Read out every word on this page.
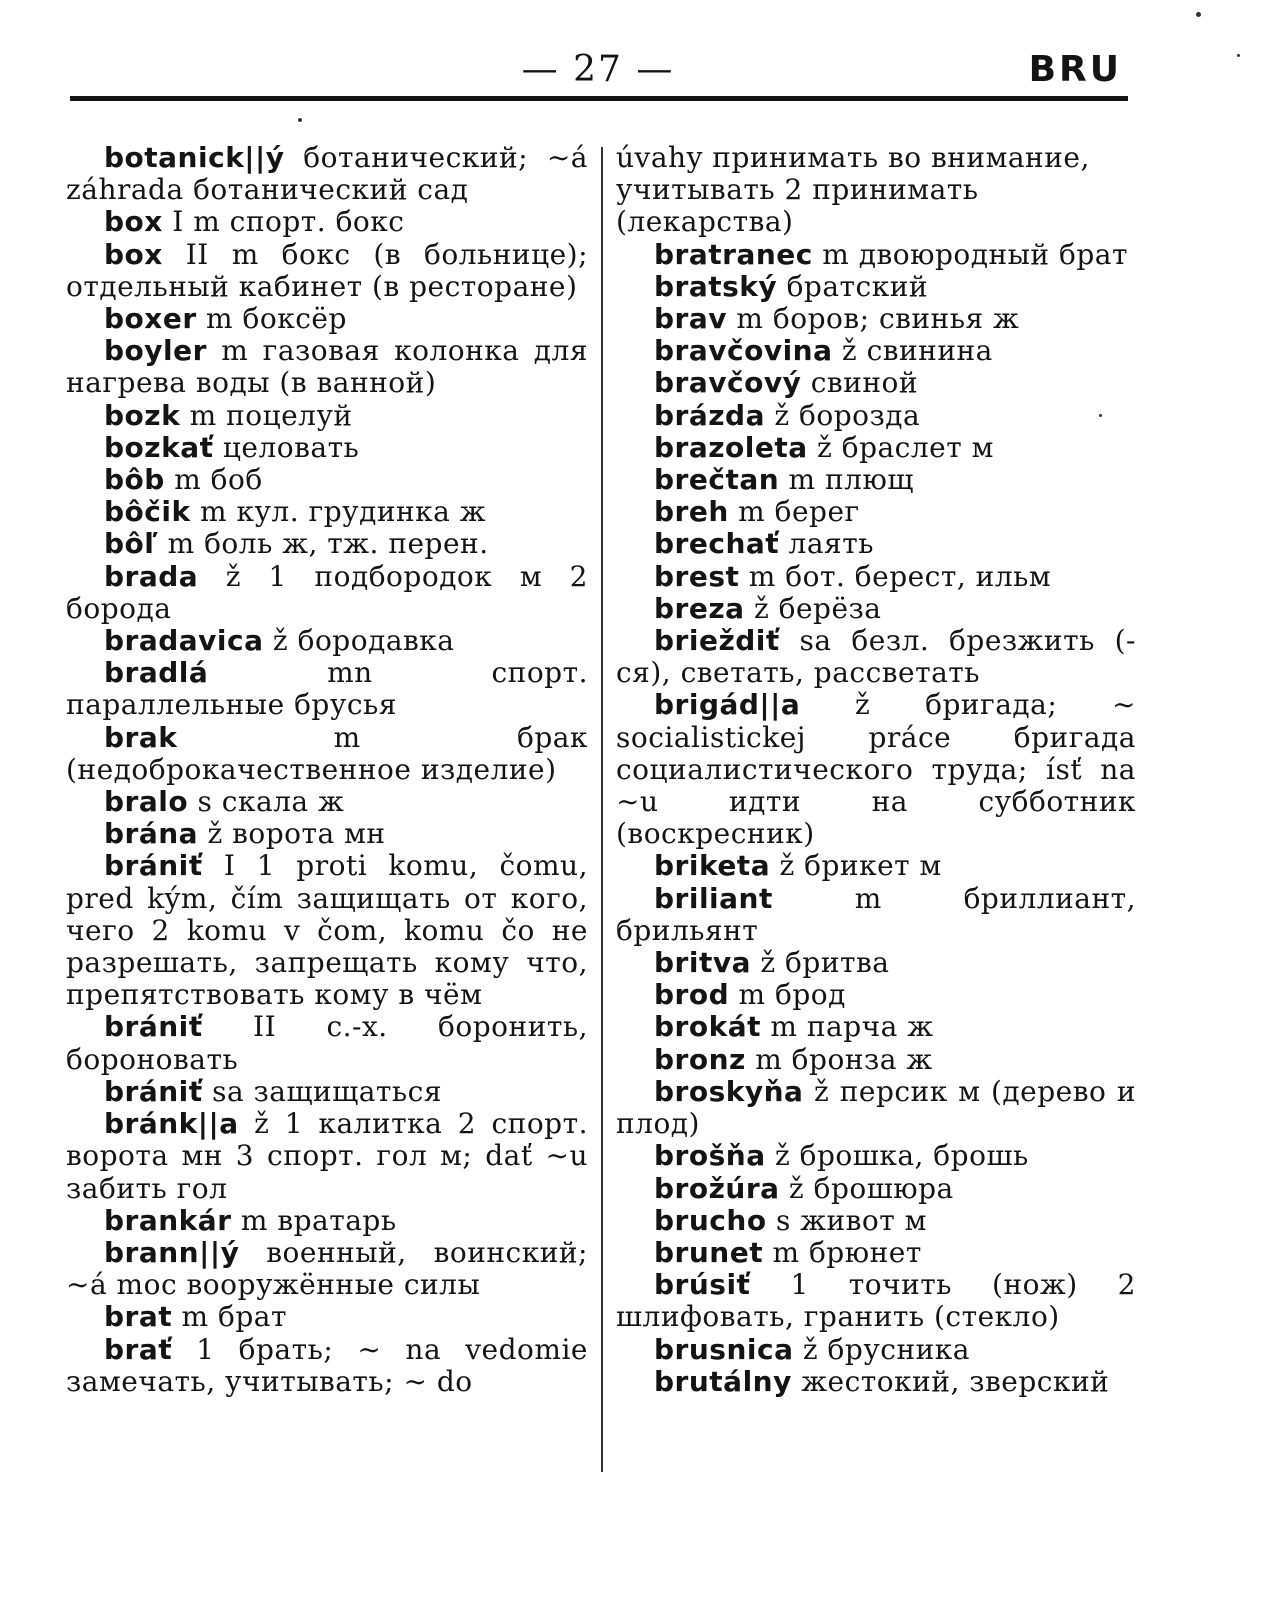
— 27 —	BRU

botanick||ý ботанический; ∼á záhrada ботанический сад

box I m спорт. бокс

box II m бокс (в больнице); отдельный кабинет (в ресторане)

boxer m боксёр

boyler m газовая колонка для нагрева воды (в ванной)

bozk m поцелуй

bozkať целовать

bôb m боб

bôčik m кул. грудинка ж

bôľ m боль ж, тж. перен.

brada ž 1 подбородок м 2 борода

bradavica ž бородавка

bradlá mn спорт. параллельные брусья

brak m брак (недоброкачественное изделие)

bralo s скала ж

brána ž ворота мн

brániť I 1 proti komu, čomu, pred kým, čím защищать от кого, чего 2 komu v čom, komu čo не разрешать, запрещать кому что, препятствовать кому в чём

brániť II с.-х. боронить, бороновать

brániť sa защищаться

bránk||a ž 1 калитка 2 спорт. ворота мн 3 спорт. гол м; dať ∼u забить гол

brankár m вратарь

brann||ý военный, воинский; ∼á moc вооружённые силы

brat m брат

brať 1 брать; ∼ na vedomie замечать, учитывать; ∼ do

úvahy принимать во внимание, учитывать 2 принимать (лекарства)

bratranec m двоюродный брат

bratský братский

brav m боров; свинья ж

bravčovina ž свинина

bravčový свиной

brázda ž борозда

brazoleta ž браслет м

brečtan m плющ

breh m берег

brechať лаять

brest m бот. берест, ильм

breza ž берёза

brieždiť sa безл. брезжить (-ся), светать, рассветать

brigád||a ž бригада; ∼ socialistickej práce бригада социалистического труда; ísť na ∼u идти на субботник (воскресник)

briketa ž брикет м

briliant m бриллиант, брильянт

britva ž бритва

brod m брод

brokát m парча ж

bronz m бронза ж

broskyňa ž персик м (дерево и плод)

brošňa ž брошка, брошь

brožúra ž брошюра

brucho s живот м

brunet m брюнет

brúsiť 1 точить (нож) 2 шлифовать, гранить (стекло)

brusnica ž брусника

brutálny жестокий, зверский
